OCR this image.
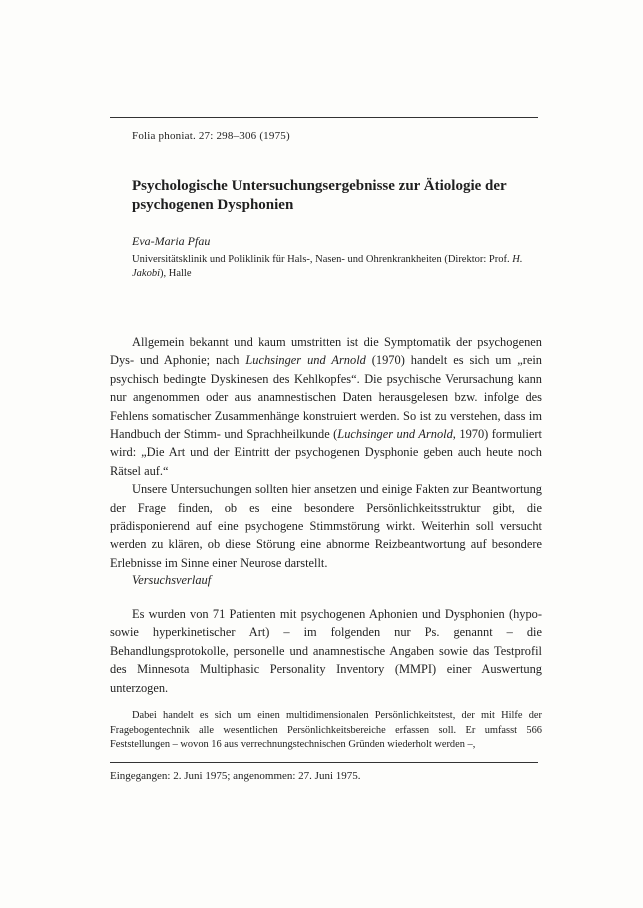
Folia phoniat. 27: 298–306 (1975)
Psychologische Untersuchungsergebnisse zur Ätiologie der psychogenen Dysphonien
Eva-Maria Pfau
Universitätsklinik und Poliklinik für Hals-, Nasen- und Ohrenkrankheiten (Direktor: Prof. H. Jakobi), Halle

Allgemein bekannt und kaum umstritten ist die Symptomatik der psychogenen Dys- und Aphonie; nach Luchsinger und Arnold (1970) handelt es sich um „rein psychisch bedingte Dyskinesen des Kehlkopfes“. Die psychische Verursachung kann nur angenommen oder aus anamnestischen Daten herausgelesen bzw. infolge des Fehlens somatischer Zusammenhänge konstruiert werden. So ist zu verstehen, dass im Handbuch der Stimm- und Sprachheilkunde (Luchsinger und Arnold, 1970) formuliert wird: „Die Art und der Eintritt der psychogenen Dysphonie geben auch heute noch Rätsel auf.“

Unsere Untersuchungen sollten hier ansetzen und einige Fakten zur Beantwortung der Frage finden, ob es eine besondere Persönlichkeitsstruktur gibt, die prädisponierend auf eine psychogene Stimmstörung wirkt. Weiterhin soll versucht werden zu klären, ob diese Störung eine abnorme Reizbeantwortung auf besondere Erlebnisse im Sinne einer Neurose darstellt.

Versuchsverlauf

Es wurden von 71 Patienten mit psychogenen Aphonien und Dysphonien (hypo- sowie hyperkinetischer Art) – im folgenden nur Ps. genannt – die Behandlungsprotokolle, personelle und anamnestische Angaben sowie das Testprofil des Minnesota Multiphasic Personality Inventory (MMPI) einer Auswertung unterzogen.

Dabei handelt es sich um einen multidimensionalen Persönlichkeitstest, der mit Hilfe der Fragebogentechnik alle wesentlichen Persönlichkeitsbereiche erfassen soll. Er umfasst 566 Feststellungen – wovon 16 aus verrechnungstechnischen Gründen wiederholt werden –,
Eingegangen: 2. Juni 1975; angenommen: 27. Juni 1975.
